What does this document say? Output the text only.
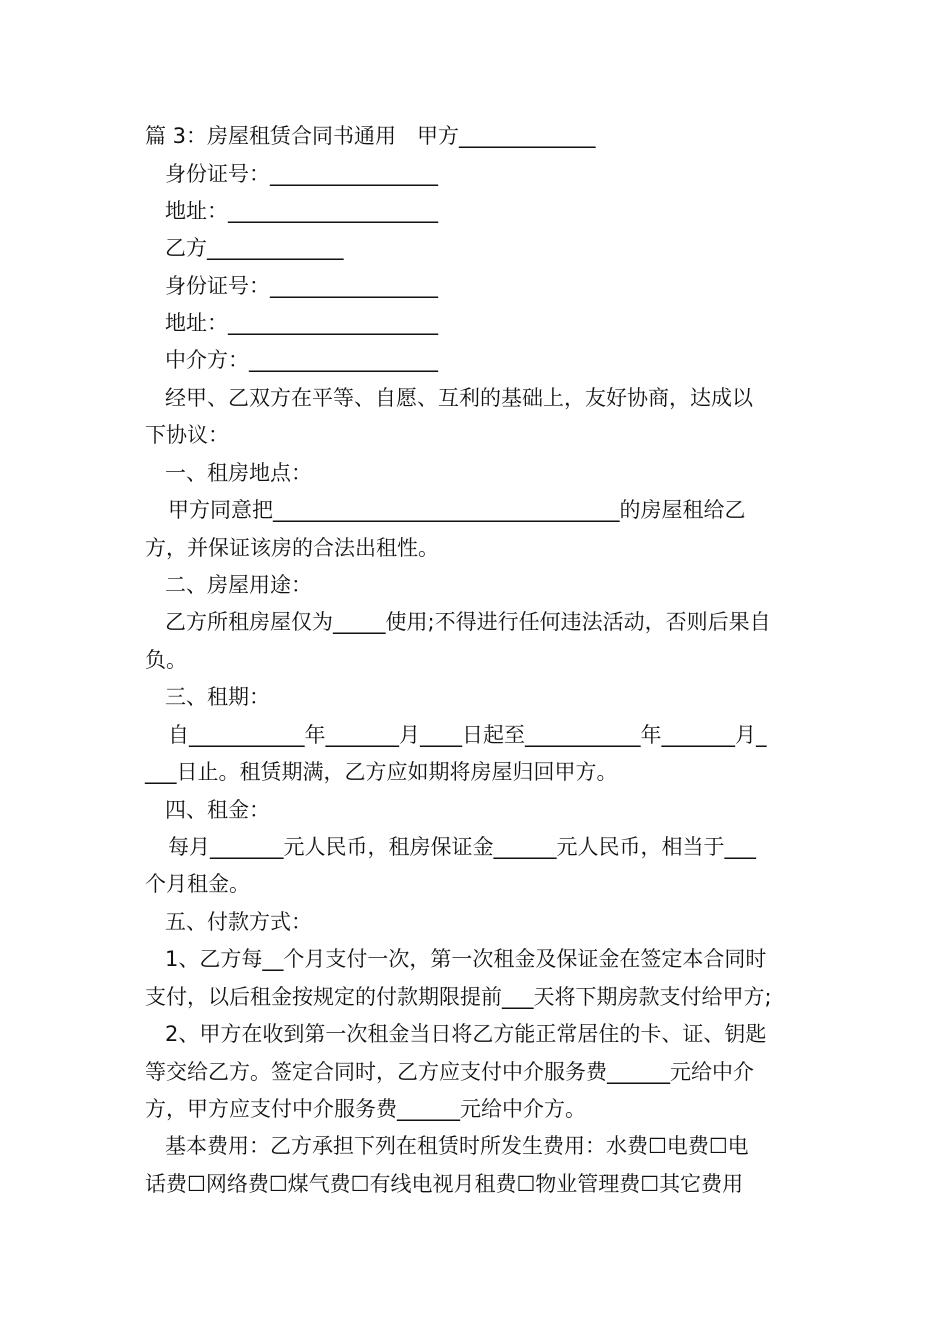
篇 3：房屋租赁合同书通用　甲方_____________
身份证号：________________
地址：____________________
乙方_____________
身份证号：________________
地址：____________________
中介方：__________________
经甲、乙双方在平等、自愿、互利的基础上，友好协商，达成以
下协议：
一、租房地点：
甲方同意把_________________________________的房屋租给乙
方，并保证该房的合法出租性。
二、房屋用途：
乙方所租房屋仅为_____使用;不得进行任何违法活动，否则后果自
负。
三、租期：
自___________年_______月____日起至___________年_______月_
___日止。租赁期满，乙方应如期将房屋归回甲方。
四、租金：
每月_______元人民币，租房保证金______元人民币，相当于___
个月租金。
五、付款方式：
1、乙方每__个月支付一次，第一次租金及保证金在签定本合同时
支付，以后租金按规定的付款期限提前___天将下期房款支付给甲方;
2、甲方在收到第一次租金当日将乙方能正常居住的卡、证、钥匙
等交给乙方。签定合同时，乙方应支付中介服务费______元给中介
方，甲方应支付中介服务费______元给中介方。
基本费用：乙方承担下列在租赁时所发生费用：水费☐电费☐电
话费☐网络费☐煤气费☐有线电视月租费☐物业管理费☐其它费用
